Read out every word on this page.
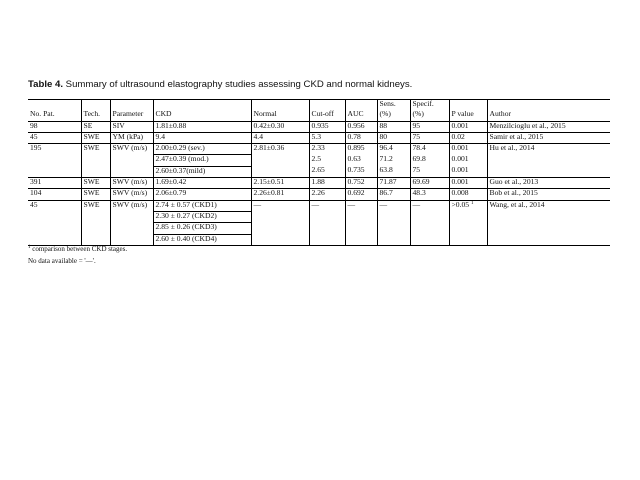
Table 4. Summary of ultrasound elastography studies assessing CKD and normal kidneys.
							Sens.	Specif.		
No. Pat.	Tech.	Parameter	CKD	Normal	Cut-off	AUC	(%)	(%)	P value	Author
98	SE	SIV	1.81±0.88	0.42±0.30	0.935	0.956	88	95	0.001	Menzilcioglu et al., 2015
45	SWE	YM (kPa)	9.4	4.4	5.3	0.78	80	75	0.02	Samir et al., 2015
195	SWE	SWV (m/s)	2.00±0.29 (sev.)	2.81±0.36	2.33	0.895	96.4	78.4	0.001	Hu et al., 2014
			2.47±0.39 (mod.)		2.5	0.63	71.2	69.8	0.001	
			2.60±0.37(mild)		2.65	0.735	63.8	75	0.001	
391	SWE	SWV (m/s)	1.69±0.42	2.15±0.51	1.88	0.752	71.87	69.69	0.001	Guo et al., 2013
104	SWE	SWV (m/s)	2.06±0.79	2.26±0.81	2.26	0.692	86.7	48.3	0.008	Bob et al., 2015
45	SWE	SWV (m/s)	2.74 ± 0.57 (CKD1)	—	—	—	—	—	>0.05 $^1$	Wang, et al., 2014
			2.30 ± 0.27 (CKD2)							
			2.85 ± 0.26 (CKD3)							
			2.60 ± 0.40 (CKD4)							
$^1$ comparison between CKD stages.
No data available = '—'.
